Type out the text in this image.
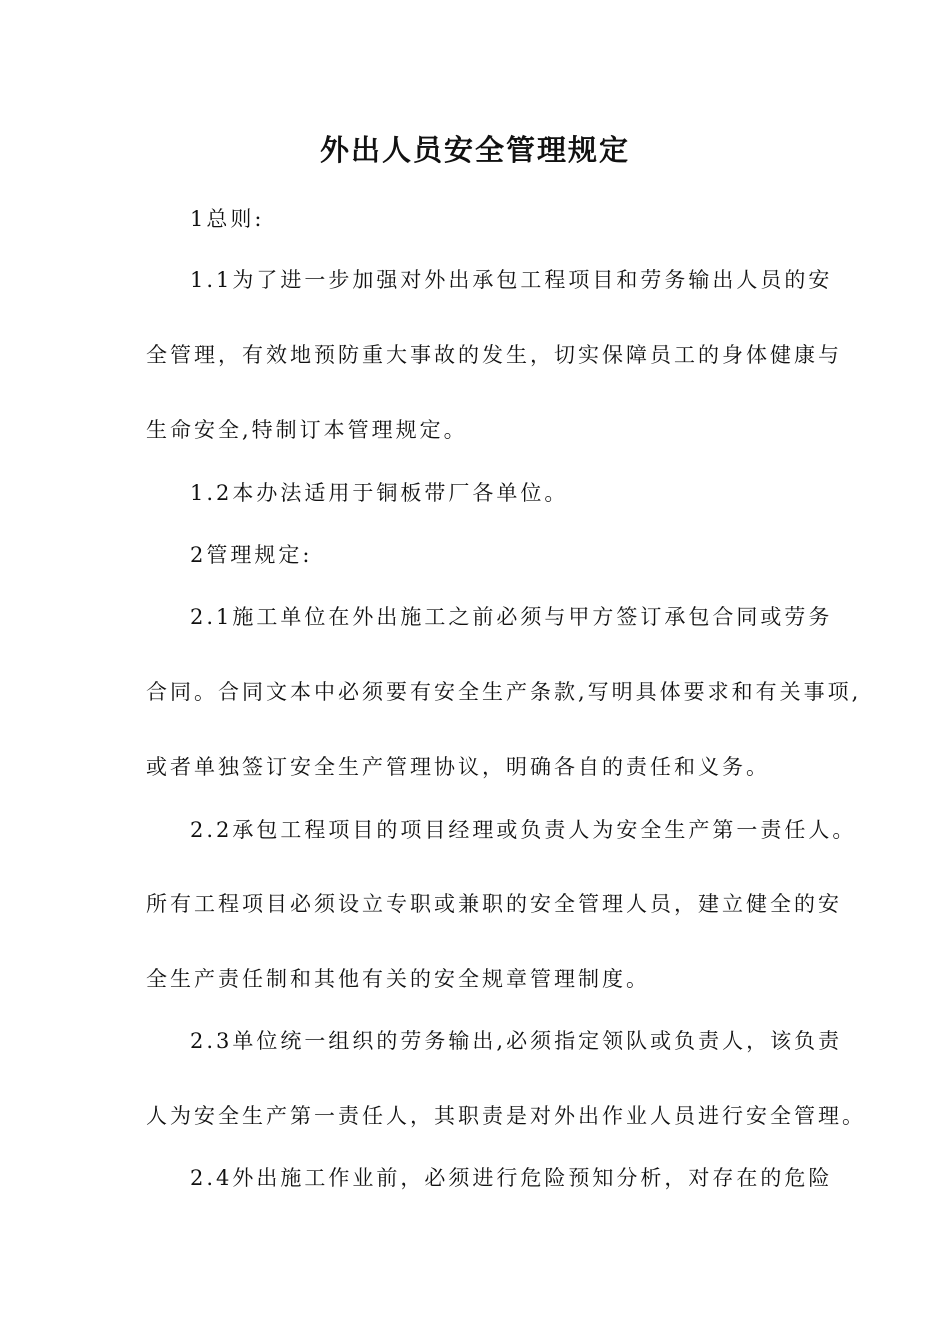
外出人员安全管理规定
1总则:
1.1为了进一步加强对外出承包工程项目和劳务输出人员的安
全管理，有效地预防重大事故的发生，切实保障员工的身体健康与
生命安全,特制订本管理规定。
1.2本办法适用于铜板带厂各单位。
2管理规定:
2.1施工单位在外出施工之前必须与甲方签订承包合同或劳务
合同。合同文本中必须要有安全生产条款,写明具体要求和有关事项,
或者单独签订安全生产管理协议，明确各自的责任和义务。
2.2承包工程项目的项目经理或负责人为安全生产第一责任人。
所有工程项目必须设立专职或兼职的安全管理人员，建立健全的安
全生产责任制和其他有关的安全规章管理制度。
2.3单位统一组织的劳务输出,必须指定领队或负责人，该负责
人为安全生产第一责任人，其职责是对外出作业人员进行安全管理。
2.4外出施工作业前，必须进行危险预知分析，对存在的危险
